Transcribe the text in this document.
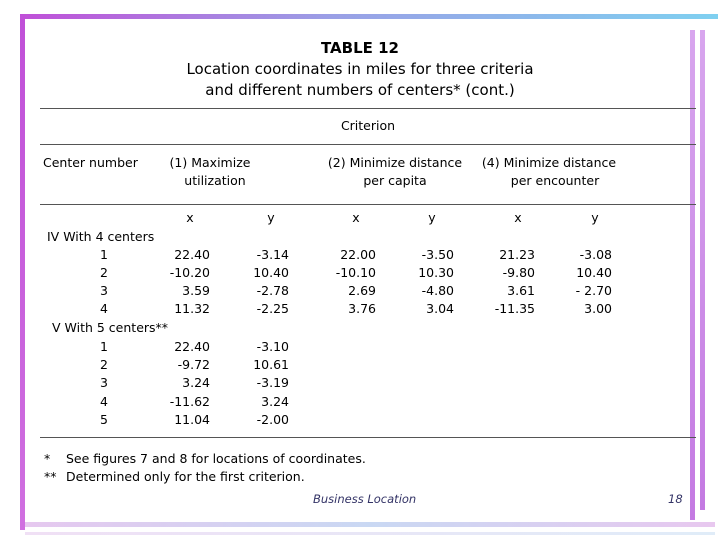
TABLE 12
Location coordinates in miles for three criteria
and different numbers of centers* (cont.)
Criterion
Center number	(1) Maximize
utilization
(2) Minimize distance
per capita
(4) Minimize distance
per encounter
x	y	x	y	x	y
IV With 4 centers
1	22.40	-3.14	22.00	-3.50	21.23	-3.08
2	-10.20	10.40	-10.10	10.30	-9.80	10.40
3	3.59	-2.78	2.69	-4.80	3.61	- 2.70
4	11.32	-2.25	3.76	3.04	-11.35	3.00
V With 5 centers**
1	22.40	-3.10
2	-9.72	10.61
3	3.24	-3.19
4	-11.62	3.24
5	11.04	-2.00
* See figures 7 and 8 for locations of coordinates.
** Determined only for the first criterion.
Business Location	18
